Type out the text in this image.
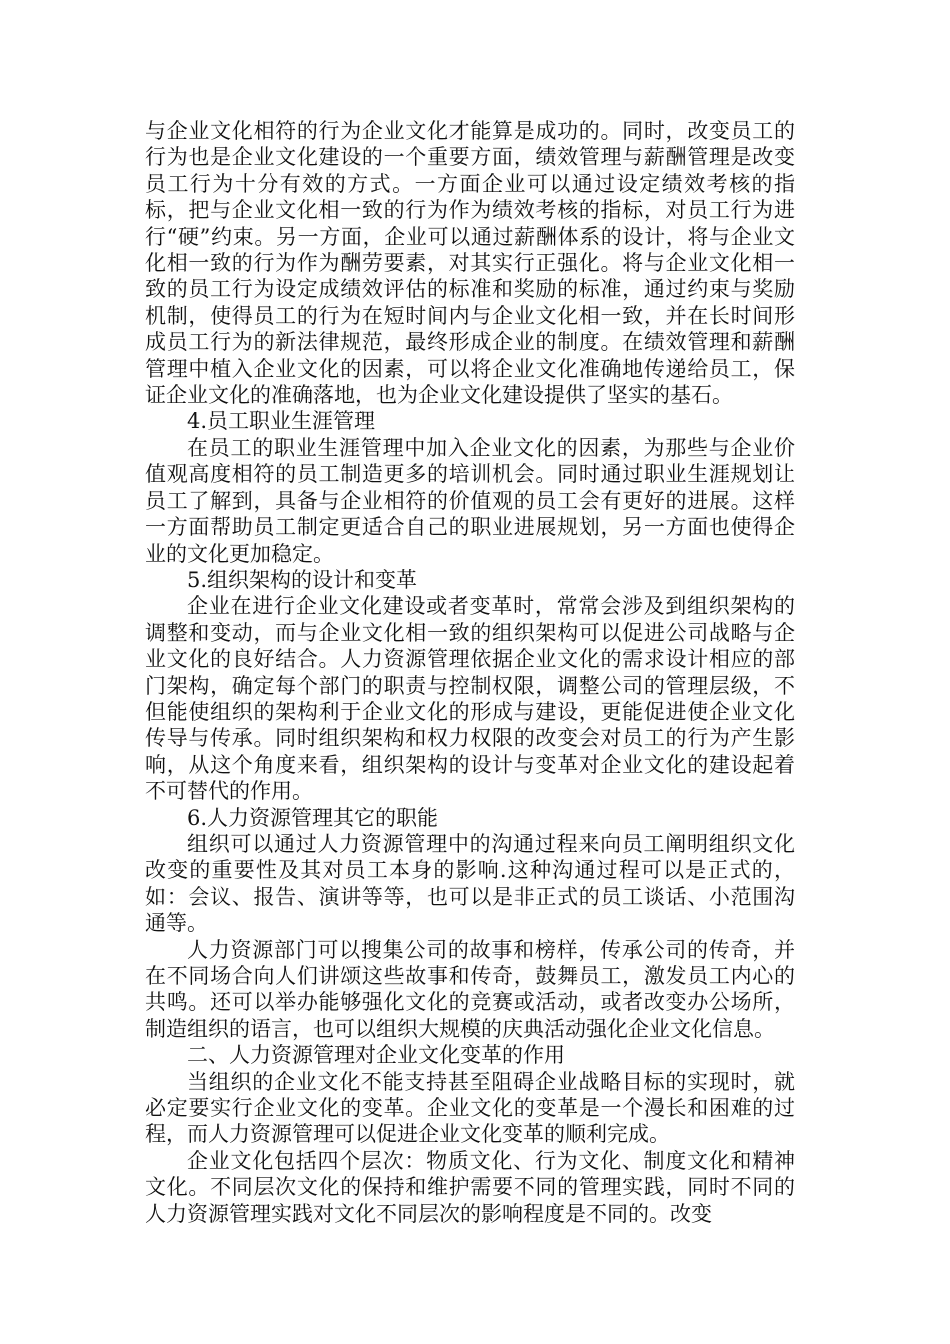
与企业文化相符的行为企业文化才能算是成功的。同时，改变员工的行为也是企业文化建设的一个重要方面，绩效管理与薪酬管理是改变员工行为十分有效的方式。一方面企业可以通过设定绩效考核的指标，把与企业文化相一致的行为作为绩效考核的指标，对员工行为进行“硬”约束。另一方面，企业可以通过薪酬体系的设计，将与企业文化相一致的行为作为酬劳要素，对其实行正强化。将与企业文化相一致的员工行为设定成绩效评估的标准和奖励的标准，通过约束与奖励机制，使得员工的行为在短时间内与企业文化相一致，并在长时间形成员工行为的新法律规范，最终形成企业的制度。在绩效管理和薪酬管理中植入企业文化的因素，可以将企业文化准确地传递给员工，保证企业文化的准确落地，也为企业文化建设提供了坚实的基石。

4.员工职业生涯管理

在员工的职业生涯管理中加入企业文化的因素，为那些与企业价值观高度相符的员工制造更多的培训机会。同时通过职业生涯规划让员工了解到，具备与企业相符的价值观的员工会有更好的进展。这样一方面帮助员工制定更适合自己的职业进展规划，另一方面也使得企业的文化更加稳定。

5.组织架构的设计和变革

企业在进行企业文化建设或者变革时，常常会涉及到组织架构的调整和变动，而与企业文化相一致的组织架构可以促进公司战略与企业文化的良好结合。人力资源管理依据企业文化的需求设计相应的部门架构，确定每个部门的职责与控制权限，调整公司的管理层级，不但能使组织的架构利于企业文化的形成与建设，更能促进使企业文化传导与传承。同时组织架构和权力权限的改变会对员工的行为产生影响，从这个角度来看，组织架构的设计与变革对企业文化的建设起着不可替代的作用。

6.人力资源管理其它的职能

组织可以通过人力资源管理中的沟通过程来向员工阐明组织文化改变的重要性及其对员工本身的影响.这种沟通过程可以是正式的，如：会议、报告、演讲等等，也可以是非正式的员工谈话、小范围沟通等。

人力资源部门可以搜集公司的故事和榜样，传承公司的传奇，并在不同场合向人们讲颂这些故事和传奇，鼓舞员工，激发员工内心的共鸣。还可以举办能够强化文化的竞赛或活动，或者改变办公场所，制造组织的语言，也可以组织大规模的庆典活动强化企业文化信息。

二、人力资源管理对企业文化变革的作用

当组织的企业文化不能支持甚至阻碍企业战略目标的实现时，就必定要实行企业文化的变革。企业文化的变革是一个漫长和困难的过程，而人力资源管理可以促进企业文化变革的顺利完成。

企业文化包括四个层次：物质文化、行为文化、制度文化和精神文化。不同层次文化的保持和维护需要不同的管理实践，同时不同的人力资源管理实践对文化不同层次的影响程度是不同的。改变
